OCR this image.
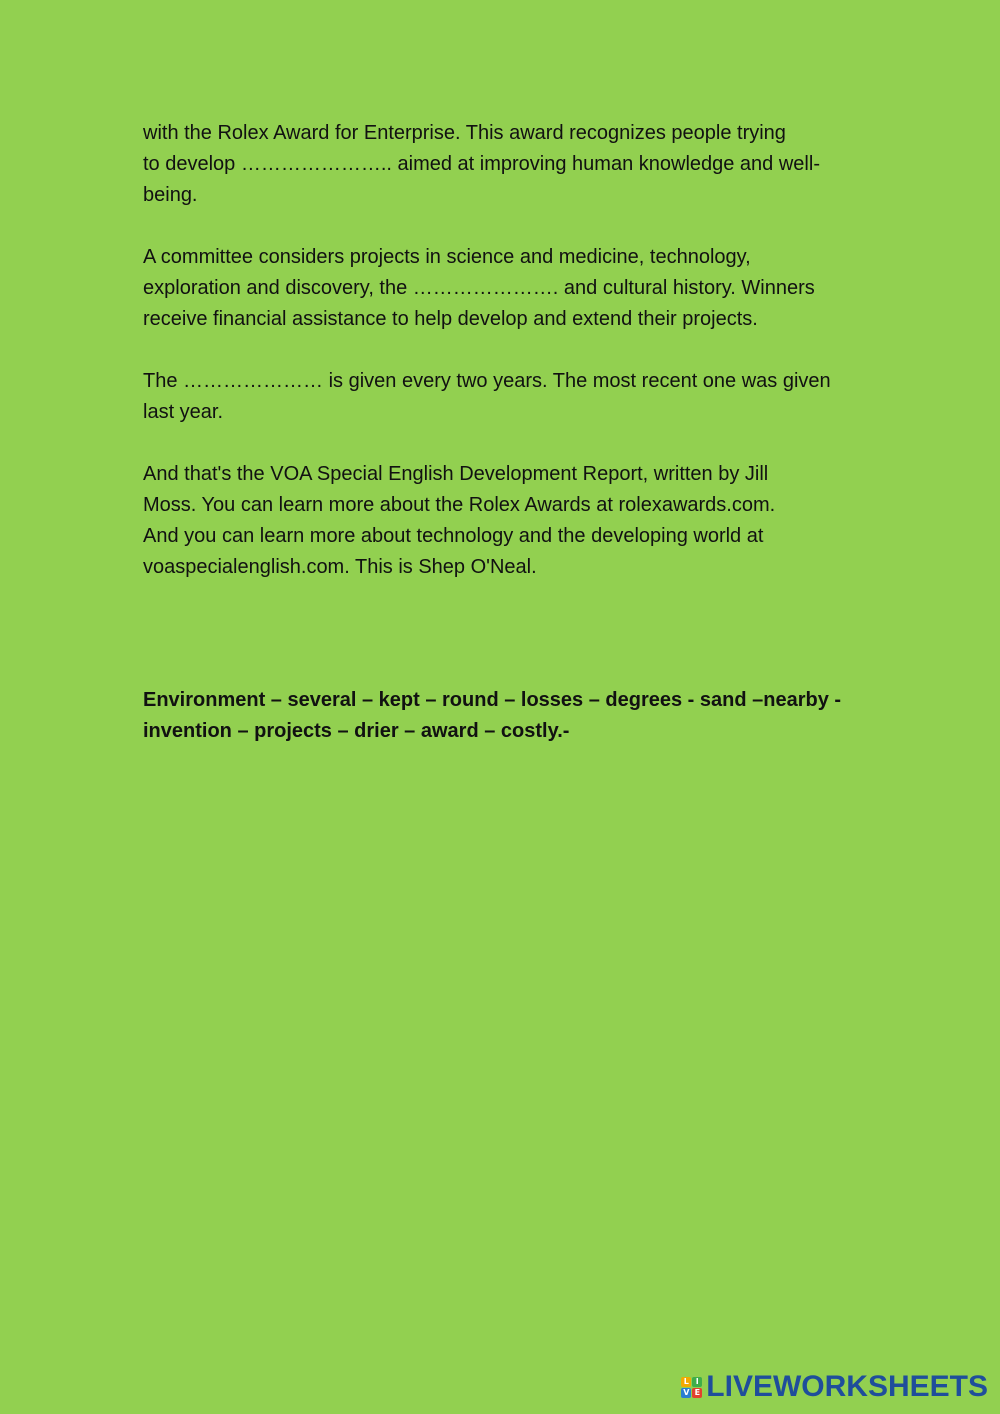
with the Rolex Award for Enterprise. This award recognizes people trying
to develop ………………….. aimed at improving human knowledge and well-
being.

A committee considers projects in science and medicine, technology,
exploration and discovery, the …………………. and cultural history. Winners
receive financial assistance to help develop and extend their projects.

The ………………… is given every two years. The most recent one was given
last year.

And that's the VOA Special English Development Report, written by Jill
Moss. You can learn more about the Rolex Awards at rolexawards.com.
And you can learn more about technology and the developing world at
voaspecialenglish.com. This is Shep O'Neal.

Environment – several – kept – round – losses – degrees - sand –nearby -
invention – projects – drier – award – costly.-

L I
V E LIVEWORKSHEETS
